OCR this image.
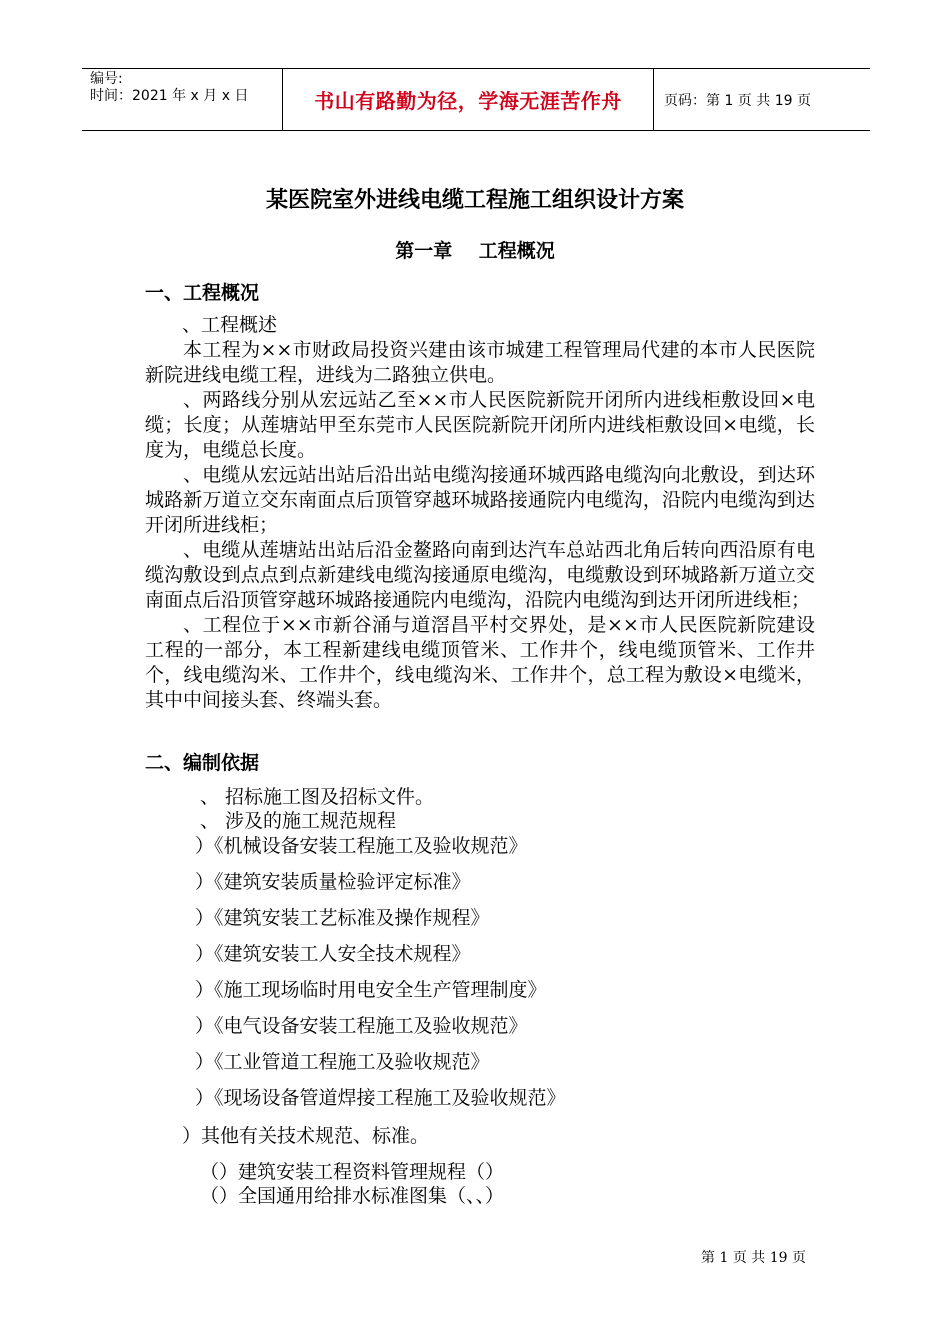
编号:
时间：2021 年 x 月 x 日	书山有路勤为径，学海无涯苦作舟	页码：第 1 页 共 19 页
某医院室外进线电缆工程施工组织设计方案
第一章    工程概况
一、工程概况

、工程概述

本工程为××市财政局投资兴建由该市城建工程管理局代建的本市人民医院新院进线电缆工程，进线为二路独立供电。

、两路线分别从宏远站乙至××市人民医院新院开闭所内进线柜敷设回×电缆；长度；从莲塘站甲至东莞市人民医院新院开闭所内进线柜敷设回×电缆，长度为，电缆总长度。

、电缆从宏远站出站后沿出站电缆沟接通环城西路电缆沟向北敷设，到达环城路新万道立交东南面点后顶管穿越环城路接通院内电缆沟，沿院内电缆沟到达开闭所进线柜；

、电缆从莲塘站出站后沿金鳌路向南到达汽车总站西北角后转向西沿原有电缆沟敷设到点点到点新建线电缆沟接通原电缆沟，电缆敷设到环城路新万道立交南面点后沿顶管穿越环城路接通院内电缆沟，沿院内电缆沟到达开闭所进线柜；

、工程位于××市新谷涌与道滘昌平村交界处，是××市人民医院新院建设工程的一部分，本工程新建线电缆顶管米、工作井个，线电缆顶管米、工作井个，线电缆沟米、工作井个，线电缆沟米、工作井个，总工程为敷设×电缆米，其中中间接头套、终端头套。

二、编制依据
、 招标施工图及招标文件。
、 涉及的施工规范规程
）《机械设备安装工程施工及验收规范》
）《建筑安装质量检验评定标准》
）《建筑安装工艺标准及操作规程》
）《建筑安装工人安全技术规程》
）《施工现场临时用电安全生产管理制度》
）《电气设备安装工程施工及验收规范》
）《工业管道工程施工及验收规范》
）《现场设备管道焊接工程施工及验收规范》
）其他有关技术规范、标准。
（）建筑安装工程资料管理规程（）
（）全国通用给排水标准图集（、、）
第 1 页 共 19 页
